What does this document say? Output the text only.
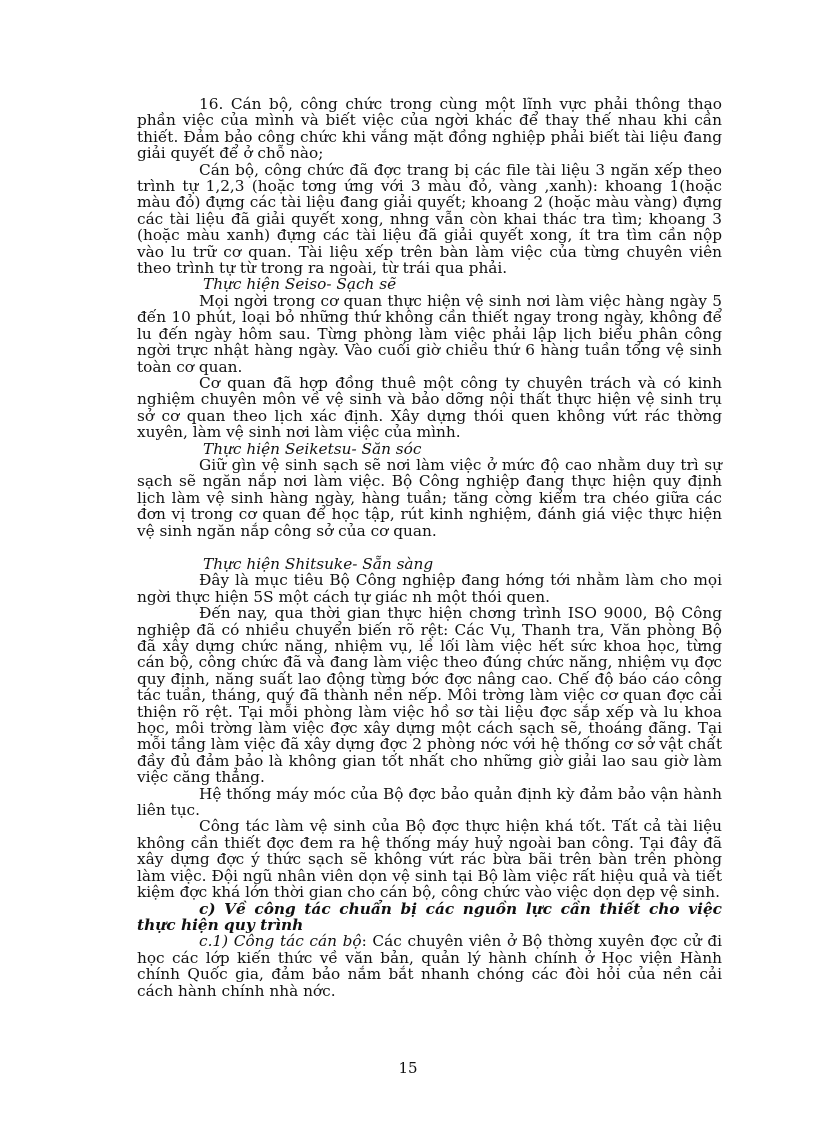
16. Cán bộ, công chức trong cùng một lĩnh vực phải thông thạo phần việc của mình và biết việc của ngời khác để thay thế nhau khi cần thiết. Đảm bảo công chức khi vắng mặt đồng nghiệp phải biết tài liệu đang giải quyết để ở chỗ nào;

Cán bộ, công chức đã đợc trang bị các file tài liệu 3 ngăn xếp theo trình tự 1,2,3 (hoặc tơng ứng với 3 màu đỏ, vàng ,xanh): khoang 1(hoặc màu đỏ) đựng các tài liệu đang giải quyết; khoang 2 (hoặc màu vàng) đựng các tài liệu đã giải quyết xong, nhng vẫn còn khai thác tra tìm; khoang 3 (hoặc màu xanh) đựng các tài liệu đã giải quyết xong, ít tra tìm cần nộp vào lu trữ cơ quan. Tài liệu xếp trên bàn làm việc của từng chuyên viên theo trình tự từ trong ra ngoài, từ trái qua phải.

Thực hiện Seiso- Sạch sẽ

Mọi ngời trong cơ quan thực hiện vệ sinh nơi làm việc hàng ngày 5 đến 10 phút, loại bỏ những thứ không cần thiết ngay trong ngày, không để lu đến ngày hôm sau. Từng phòng làm việc phải lập lịch biểu phân công ngời trực nhật hàng ngày. Vào cuối giờ chiều thứ 6 hàng tuần tổng vệ sinh toàn cơ quan.

Cơ quan đã hợp đồng thuê một công ty chuyên trách và có kinh nghiệm chuyên môn về vệ sinh và bảo dỡng nội thất thực hiện vệ sinh trụ sở cơ quan theo lịch xác định. Xây dựng thói quen không vứt rác thờng xuyên, làm vệ sinh nơi làm việc của mình.

Thực hiện Seiketsu- Săn sóc

Giữ gìn vệ sinh sạch sẽ nơi làm việc ở mức độ cao nhằm duy trì sự sạch sẽ ngăn nắp nơi làm việc. Bộ Công nghiệp đang thực hiện quy định lịch làm vệ sinh hàng ngày, hàng tuần; tăng cờng kiểm tra chéo giữa các đơn vị trong cơ quan để học tập, rút kinh nghiệm, đánh giá việc thực hiện vệ sinh ngăn nắp công sở của cơ quan.

Thực hiện Shitsuke- Sẵn sàng

Đây là mục tiêu Bộ Công nghiệp đang hớng tới nhằm làm cho mọi ngời thực hiện 5S một cách tự giác nh một thói quen.

Đến nay, qua thời gian thực hiện chơng trình ISO 9000, Bộ Công nghiệp đã có nhiều chuyển biến rõ rệt: Các Vụ, Thanh tra, Văn phòng Bộ đã xây dựng chức năng, nhiệm vụ, lề lối làm việc hết sức khoa học, từng cán bộ, công chức đã và đang làm việc theo đúng chức năng, nhiệm vụ đợc quy định, năng suất lao động từng bớc đợc nâng cao. Chế độ báo cáo công tác tuần, tháng, quý đã thành nền nếp. Môi trờng làm việc cơ quan đợc cải thiện rõ rệt. Tại mỗi phòng làm việc hồ sơ tài liệu đợc sắp xếp và lu khoa học, môi trờng làm việc đợc xây dựng một cách sạch sẽ, thoáng đãng. Tại mỗi tầng làm việc đã xây dựng đợc 2 phòng nớc với hệ thống cơ sở vật chất đầy đủ đảm bảo là không gian tốt nhất cho những giờ giải lao sau giờ làm việc căng thẳng.

Hệ thống máy móc của Bộ đợc bảo quản định kỳ đảm bảo vận hành liên tục.

Công tác làm vệ sinh của Bộ đợc thực hiện khá tốt. Tất cả tài liệu không cần thiết đợc đem ra hệ thống máy huỷ ngoài ban công. Tại đây đã xây dựng đợc ý thức sạch sẽ không vứt rác bừa bãi trên bàn trên phòng làm việc. Đội ngũ nhân viên dọn vệ sinh tại Bộ làm việc rất hiệu quả và tiết kiệm đợc khá lớn thời gian cho cán bộ, công chức vào việc dọn dẹp vệ sinh.

c) Về công tác chuẩn bị các nguồn lực cần thiết cho việc thực hiện quy trình

c.1) Công tác cán bộ: Các chuyên viên ở Bộ thờng xuyên đợc cử đi học các lớp kiến thức về văn bản, quản lý hành chính ở Học viện Hành chính Quốc gia, đảm bảo nắm bắt nhanh chóng các đòi hỏi của nền cải cách hành chính nhà nớc.

15
